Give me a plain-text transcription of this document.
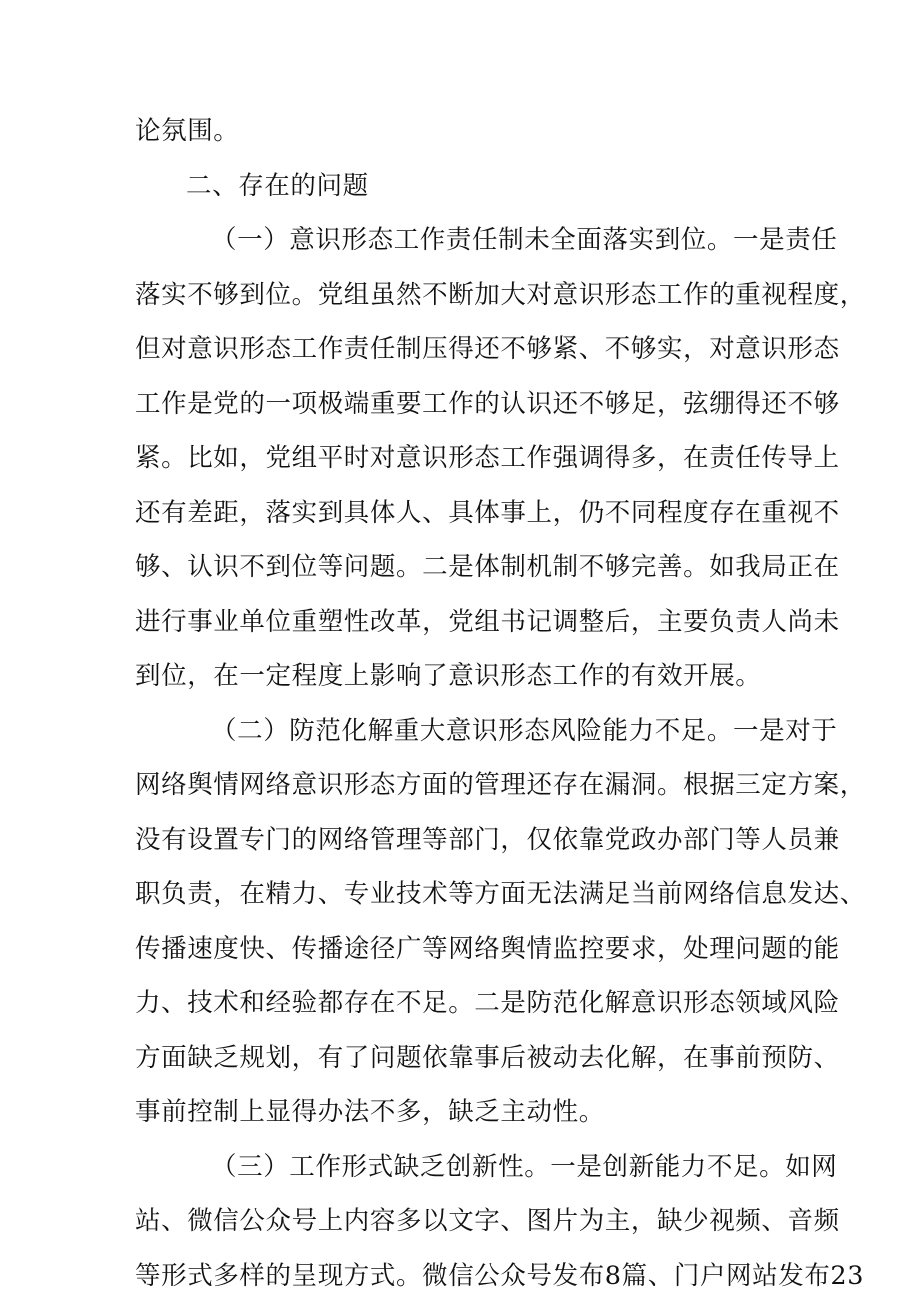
论氛围。
二、存在的问题
（一）意识形态工作责任制未全面落实到位。一是责任
落实不够到位。党组虽然不断加大对意识形态工作的重视程度，
但对意识形态工作责任制压得还不够紧、不够实，对意识形态
工作是党的一项极端重要工作的认识还不够足，弦绷得还不够
紧。比如，党组平时对意识形态工作强调得多，在责任传导上
还有差距，落实到具体人、具体事上，仍不同程度存在重视不
够、认识不到位等问题。二是体制机制不够完善。如我局正在
进行事业单位重塑性改革，党组书记调整后，主要负责人尚未
到位，在一定程度上影响了意识形态工作的有效开展。
（二）防范化解重大意识形态风险能力不足。一是对于
网络舆情网络意识形态方面的管理还存在漏洞。根据三定方案，
没有设置专门的网络管理等部门，仅依靠党政办部门等人员兼
职负责，在精力、专业技术等方面无法满足当前网络信息发达、
传播速度快、传播途径广等网络舆情监控要求，处理问题的能
力、技术和经验都存在不足。二是防范化解意识形态领域风险
方面缺乏规划，有了问题依靠事后被动去化解，在事前预防、
事前控制上显得办法不多，缺乏主动性。
（三）工作形式缺乏创新性。一是创新能力不足。如网
站、微信公众号上内容多以文字、图片为主，缺少视频、音频
等形式多样的呈现方式。微信公众号发布8篇、门户网站发布23
